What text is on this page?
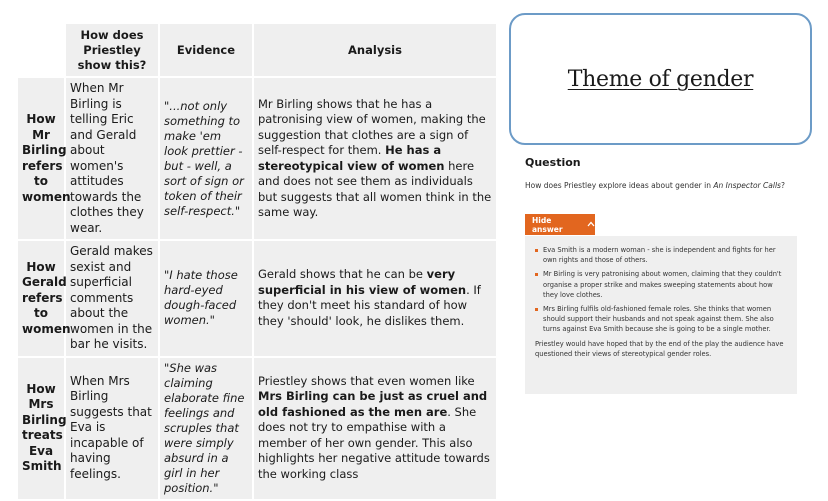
	How does Priestley show this?	Evidence	Analysis
How Mr Birling refers to women	When Mr Birling is telling Eric and Gerald about women's attitudes towards the clothes they wear.	"...not only something to make 'em look prettier - but - well, a sort of sign or token of their self-respect."	Mr Birling shows that he has a patronising view of women, making the suggestion that clothes are a sign of self-respect for them. He has a stereotypical view of women here and does not see them as individuals but suggests that all women think in the same way.
How Gerald refers to women	Gerald makes sexist and superficial comments about the women in the bar he visits.	"I hate those hard-eyed dough-faced women."	Gerald shows that he can be very superficial in his view of women. If they don't meet his standard of how they 'should' look, he dislikes them.
How Mrs Birling treats Eva Smith	When Mrs Birling suggests that Eva is incapable of having feelings.	"She was claiming elaborate fine feelings and scruples that were simply absurd in a girl in her position."	Priestley shows that even women like Mrs Birling can be just as cruel and old fashioned as the men are. She does not try to empathise with a member of her own gender. This also highlights her negative attitude towards the working class
Theme of gender
Question
How does Priestley explore ideas about gender in An Inspector Calls?
Hide answer
Eva Smith is a modern woman - she is independent and fights for her own rights and those of others.
Mr Birling is very patronising about women, claiming that they couldn't organise a proper strike and makes sweeping statements about how they love clothes.
Mrs Birling fulfils old-fashioned female roles. She thinks that women should support their husbands and not speak against them. She also turns against Eva Smith because she is going to be a single mother.

Priestley would have hoped that by the end of the play the audience have questioned their views of stereotypical gender roles.
